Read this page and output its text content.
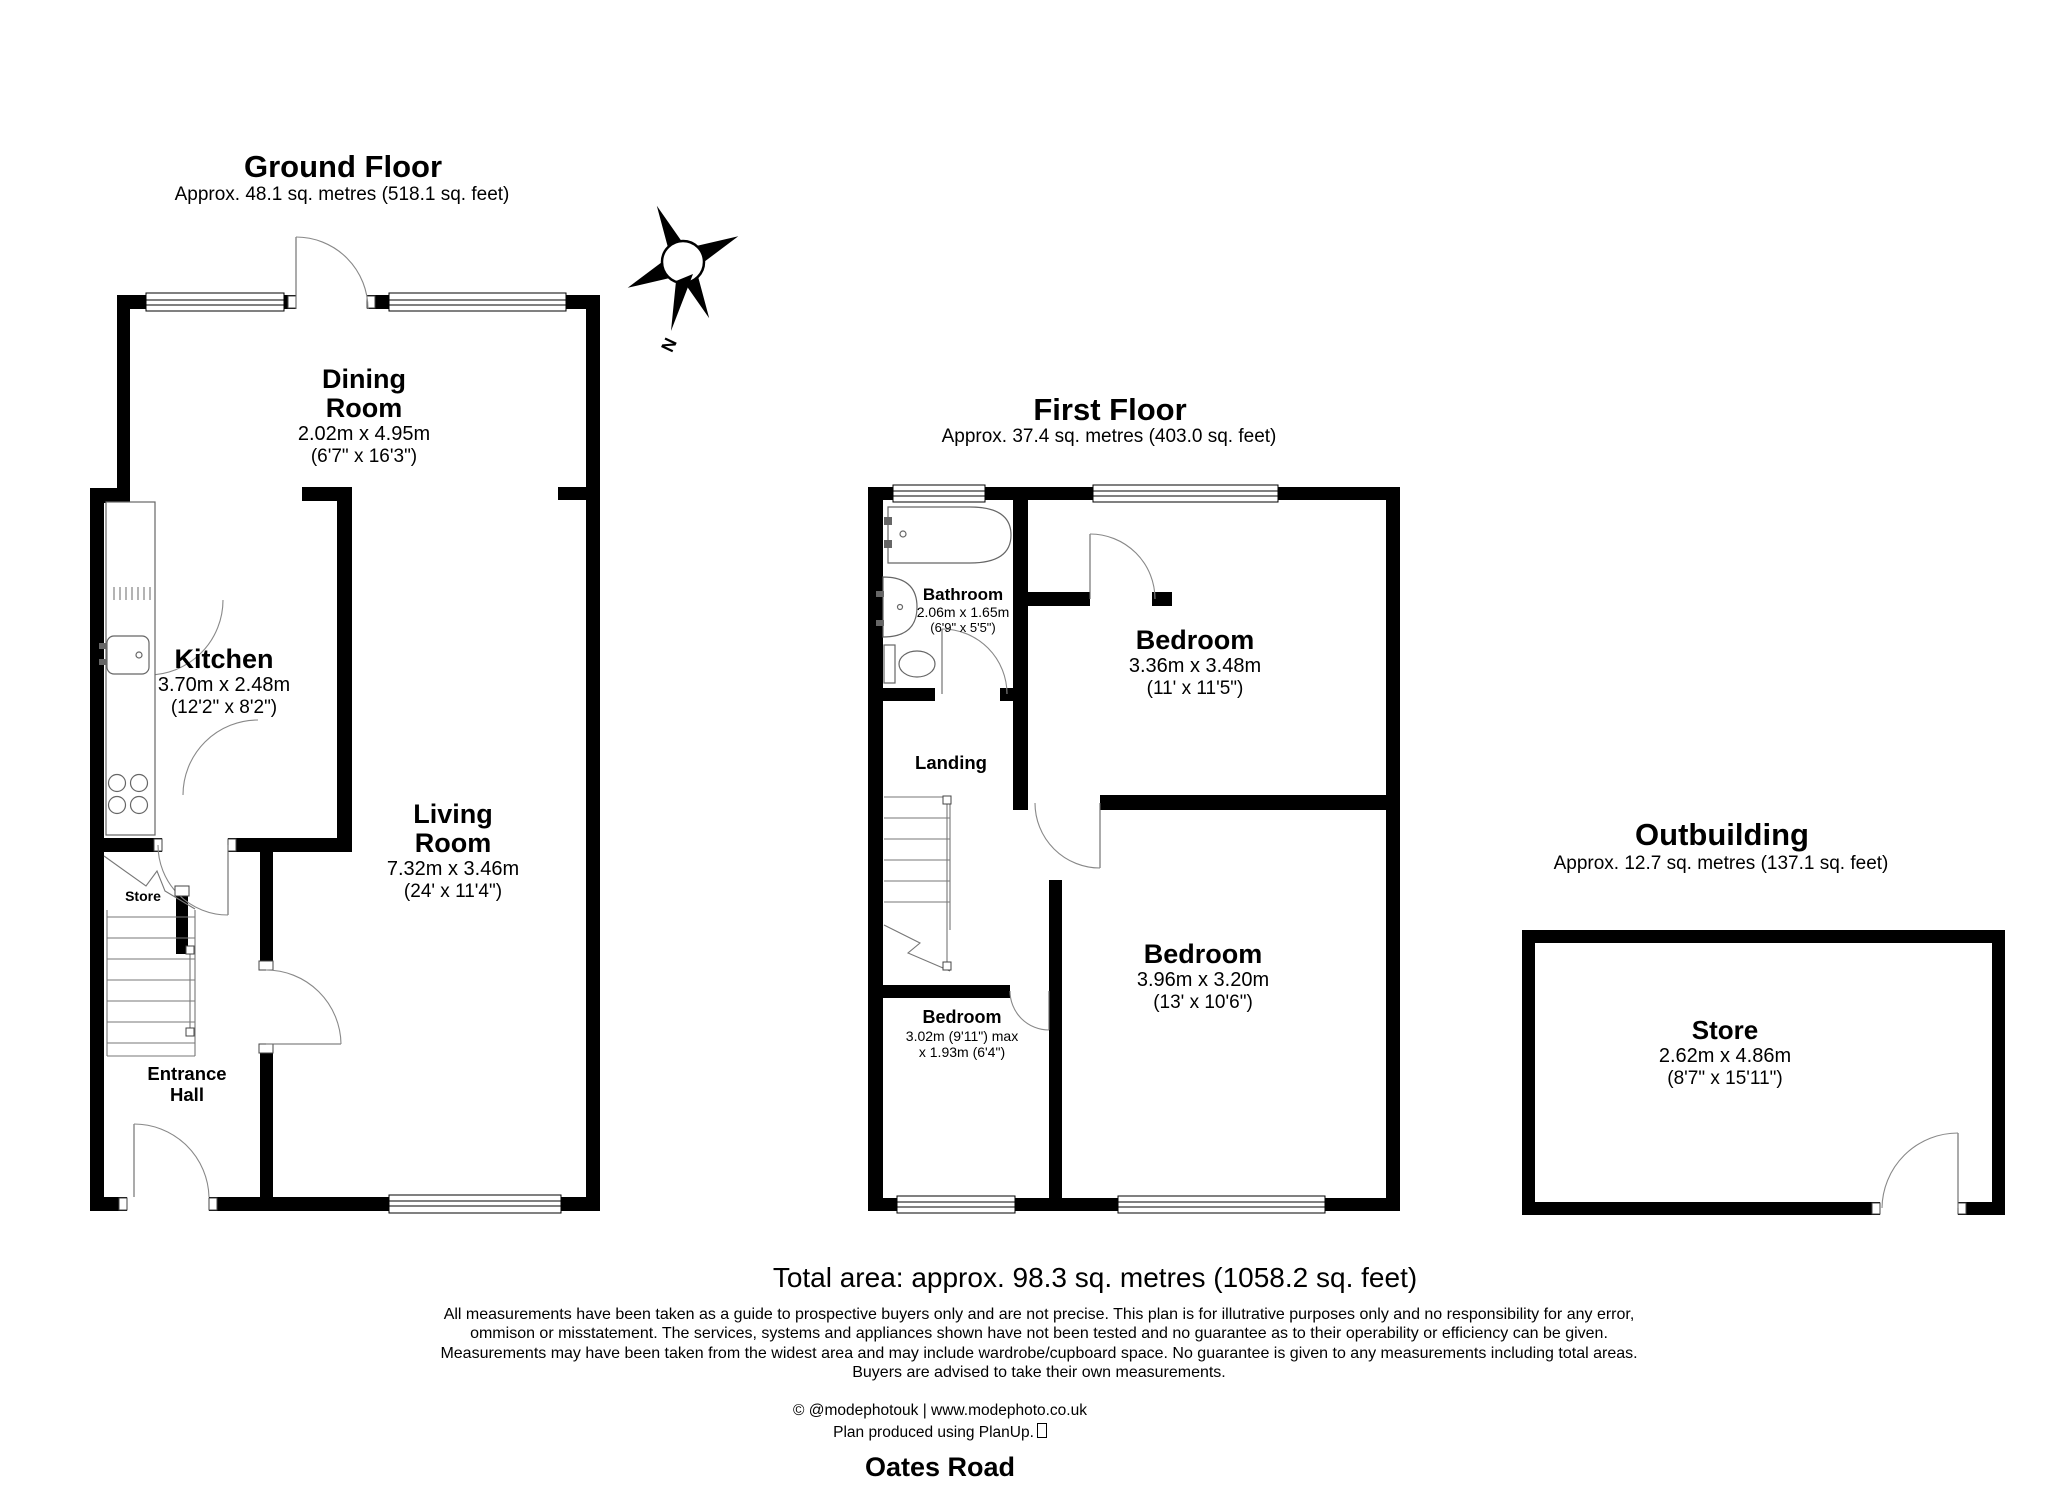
N
Ground Floor
Approx. 48.1 sq. metres (518.1 sq. feet)
Dining
Room
2.02m x 4.95m
(6'7" x 16'3")
Kitchen
3.70m x 2.48m
(12'2" x 8'2")
Living
Room
7.32m x 3.46m
(24' x 11'4")
Store
Entrance
Hall
First Floor
Approx. 37.4 sq. metres (403.0 sq. feet)
Bathroom
2.06m x 1.65m
(6'9" x 5'5")	Bedroom
3.36m x 3.48m
(11' x 11'5")
Landing
Bedroom
3.96m x 3.20m
(13' x 10'6")
Bedroom
3.02m (9'11") max
x 1.93m (6'4")
Outbuilding
Approx. 12.7 sq. metres (137.1 sq. feet)
Store
2.62m x 4.86m
(8'7" x 15'11")
Total area: approx. 98.3 sq. metres (1058.2 sq. feet)
All measurements have been taken as a guide to prospective buyers only and are not precise. This plan is for illutrative purposes only and no responsibility for any error,
ommison or misstatement. The services, systems and appliances shown have not been tested and no guarantee as to their operability or efficiency can be given.
Measurements may have been taken from the widest area and may include wardrobe/cupboard space. No guarantee is given to any measurements including total areas.
Buyers are advised to take their own measurements.
© @modephotouk | www.modephoto.co.uk
Plan produced using PlanUp.
Oates Road
